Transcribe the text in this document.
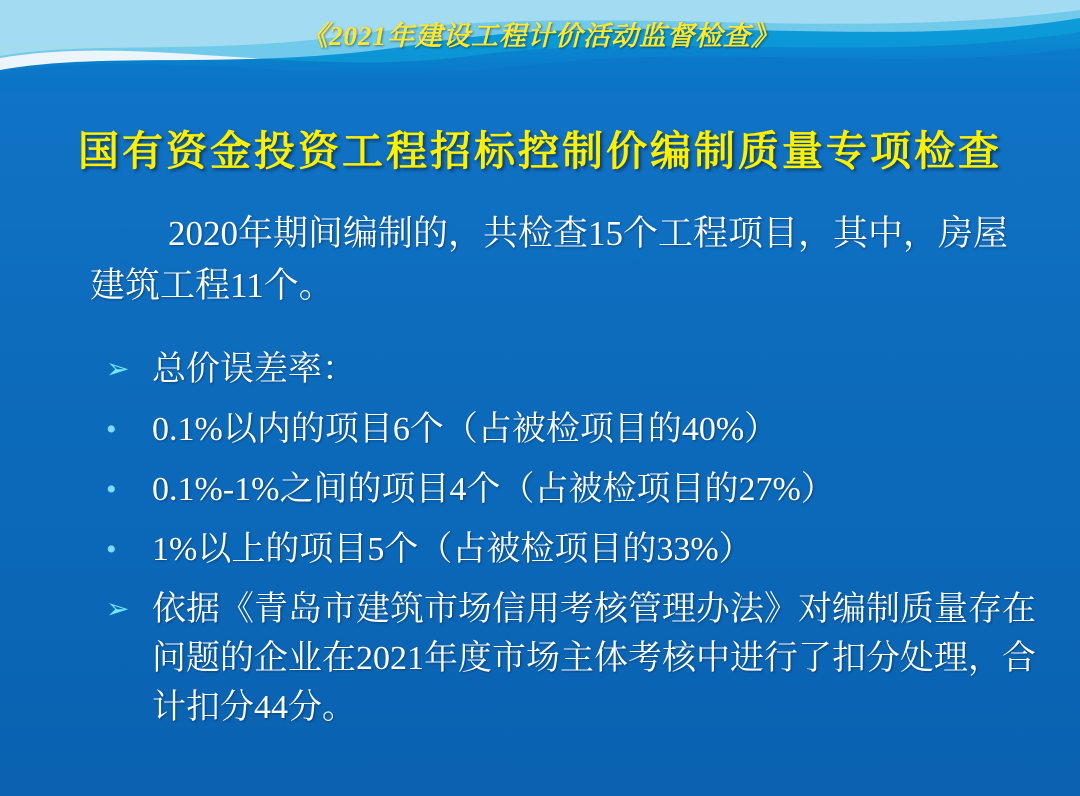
《2021年建设工程计价活动监督检查》
国有资金投资工程招标控制价编制质量专项检查
2020年期间编制的，共检查15个工程项目，其中，房屋建筑工程11个。
➢ 总价误差率：
•	0.1%以内的项目6个（占被检项目的40%）
•	0.1%-1%之间的项目4个（占被检项目的27%）
•	1%以上的项目5个（占被检项目的33%）
➢ 依据《青岛市建筑市场信用考核管理办法》对编制质量存在问题的企业在2021年度市场主体考核中进行了扣分处理，合计扣分44分。
